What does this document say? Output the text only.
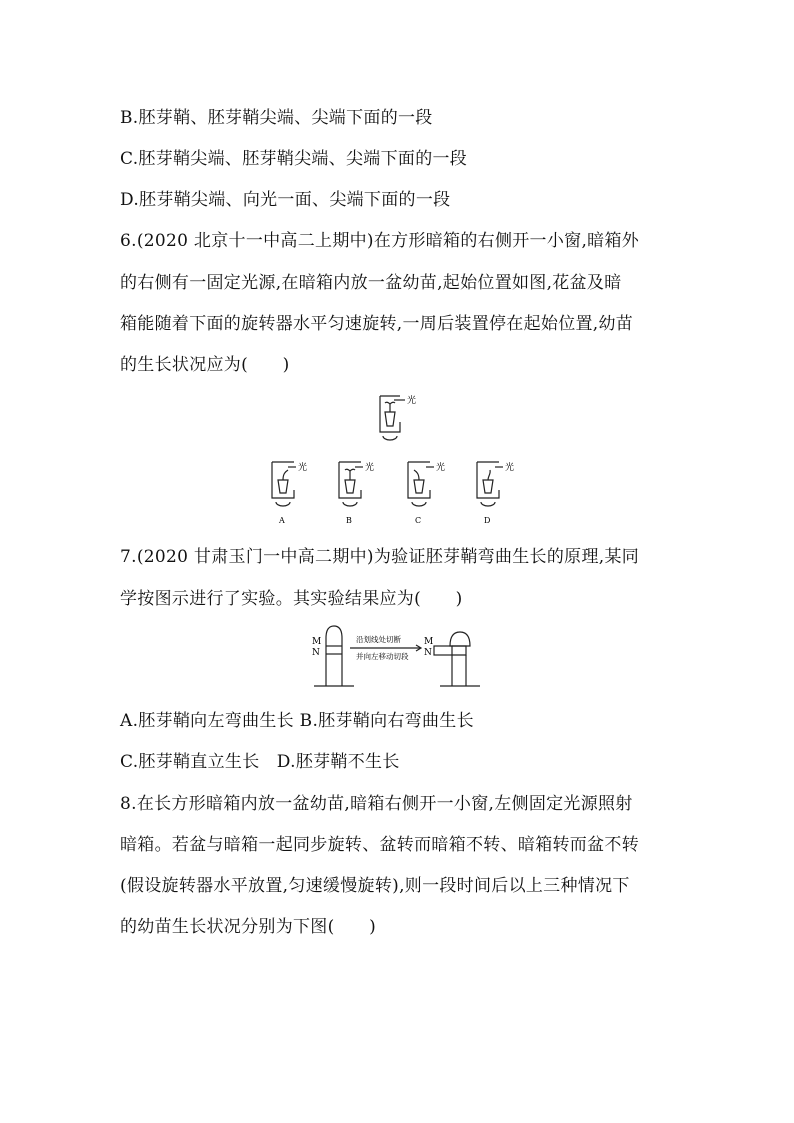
B.胚芽鞘、胚芽鞘尖端、尖端下面的一段
C.胚芽鞘尖端、胚芽鞘尖端、尖端下面的一段
D.胚芽鞘尖端、向光一面、尖端下面的一段
6.(2020 北京十一中高二上期中)在方形暗箱的右侧开一小窗,暗箱外
的右侧有一固定光源,在暗箱内放一盆幼苗,起始位置如图,花盆及暗
箱能随着下面的旋转器水平匀速旋转,一周后装置停在起始位置,幼苗
的生长状况应为(　　)
光
光	光	光	光
A	B	C	D
7.(2020 甘肃玉门一中高二期中)为验证胚芽鞘弯曲生长的原理,某同
学按图示进行了实验。其实验结果应为(　　)
M
N
M
N
沿划线处切断
并向左移动切段
A.胚芽鞘向左弯曲生长 B.胚芽鞘向右弯曲生长
C.胚芽鞘直立生长　D.胚芽鞘不生长
8.在长方形暗箱内放一盆幼苗,暗箱右侧开一小窗,左侧固定光源照射
暗箱。若盆与暗箱一起同步旋转、盆转而暗箱不转、暗箱转而盆不转
(假设旋转器水平放置,匀速缓慢旋转),则一段时间后以上三种情况下
的幼苗生长状况分别为下图(　　)
